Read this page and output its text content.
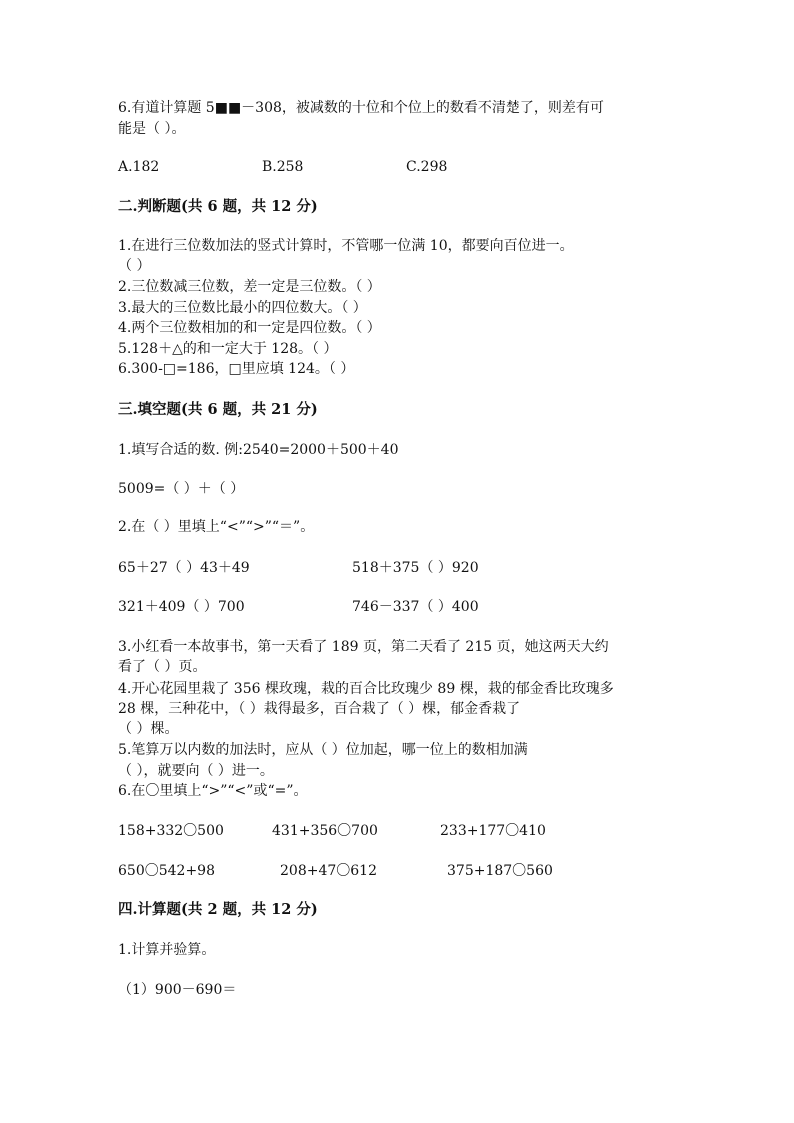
6.有道计算题 5■■－308，被减数的十位和个位上的数看不清楚了，则差有可
能是（ ）。
A.182	B.258	C.298
二.判断题(共 6 题，共 12 分)
1.在进行三位数加法的竖式计算时，不管哪一位满 10，都要向百位进一。
（ ）
2.三位数减三位数，差一定是三位数。（ ）
3.最大的三位数比最小的四位数大。（ ）
4.两个三位数相加的和一定是四位数。（ ）
5.128＋△的和一定大于 128。（ ）
6.300-□=186，□里应填 124。（ ）
三.填空题(共 6 题，共 21 分)
1.填写合适的数. 例:2540=2000＋500＋40
5009=（ ）＋（ ）
2.在（ ）里填上“<”“>”“＝”。
65＋27（ ）43＋49	518＋375（ ）920
321＋409（ ）700	746－337（ ）400
3.小红看一本故事书，第一天看了 189 页，第二天看了 215 页，她这两天大约
看了（ ）页。
4.开心花园里栽了 356 棵玫瑰，栽的百合比玫瑰少 89 棵，栽的郁金香比玫瑰多
28 棵，三种花中，（ ）栽得最多，百合栽了（ ）棵，郁金香栽了
（ ）棵。
5.笔算万以内数的加法时，应从（ ）位加起，哪一位上的数相加满
（ ），就要向（ ）进一。
6.在〇里填上“>”“<”或“=”。
158+332〇500	431+356〇700	233+177〇410
650〇542+98	208+47〇612	375+187〇560
四.计算题(共 2 题，共 12 分)
1.计算并验算。
（1）900－690＝
